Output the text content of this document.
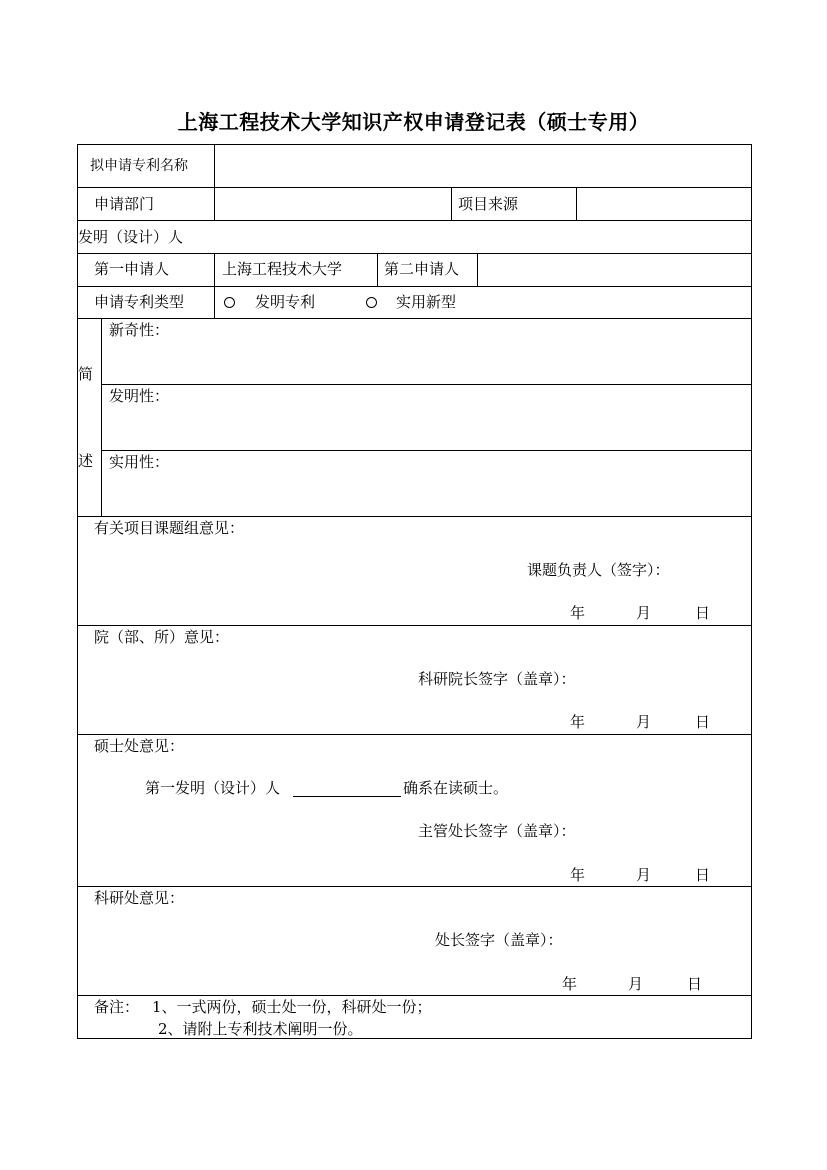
上海工程技术大学知识产权申请登记表（硕士专用）
拟申请专利名称
申请部门	项目来源
发明（设计）人
第一申请人	上海工程技术大学	第二申请人
申请专利类型	发明专利	实用新型
简
述
新奇性：
发明性：
实用性：
有关项目课题组意见：
课题负责人（签字）：
年	月	日
院（部、所）意见：
科研院长签字（盖章）：
年	月	日
硕士处意见：
第一发明（设计）人	确系在读硕士。
主管处长签字（盖章）：
年	月	日
科研处意见：
处长签字（盖章）：
年	月	日
备注： 1、一式两份，硕士处一份，科研处一份；
2、请附上专利技术阐明一份。
